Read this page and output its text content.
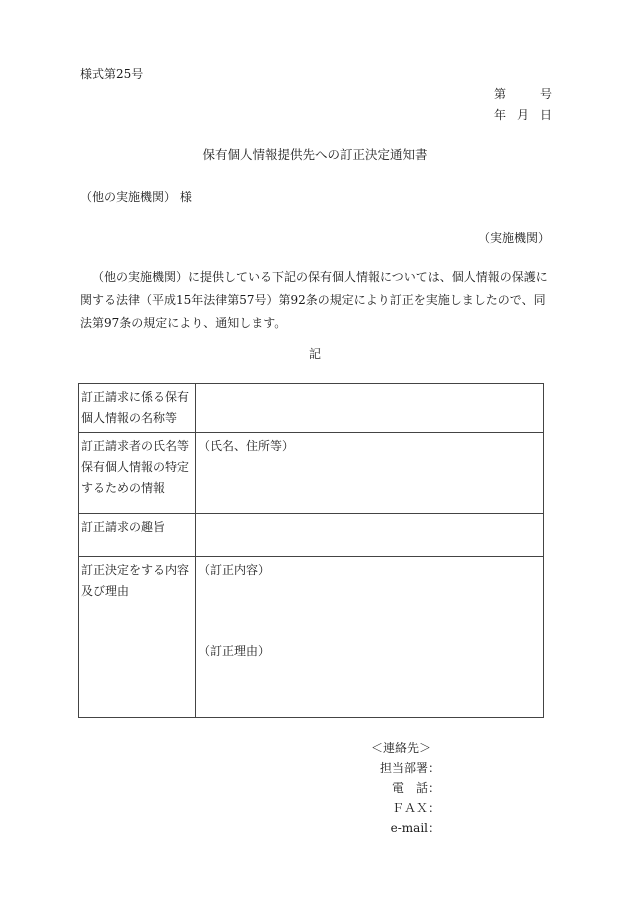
様式第25号
第	号
年 月 日
保有個人情報提供先への訂正決定通知書
（他の実施機関） 様
（実施機関）
（他の実施機関）に提供している下記の保有個人情報については、個人情報の保護に関する法律（平成15年法律第57号）第92条の規定により訂正を実施しましたので、同法第97条の規定により、通知します。
記
訂正請求に係る保有個人情報の名称等	
訂正請求者の氏名等保有個人情報の特定するための情報	（氏名、住所等）
訂正請求の趣旨	
訂正決定をする内容及び理由	（訂正内容）
（訂正理由）
＜連絡先＞
担当部署：
電　話：
ＦＡＸ：
e-mail：
